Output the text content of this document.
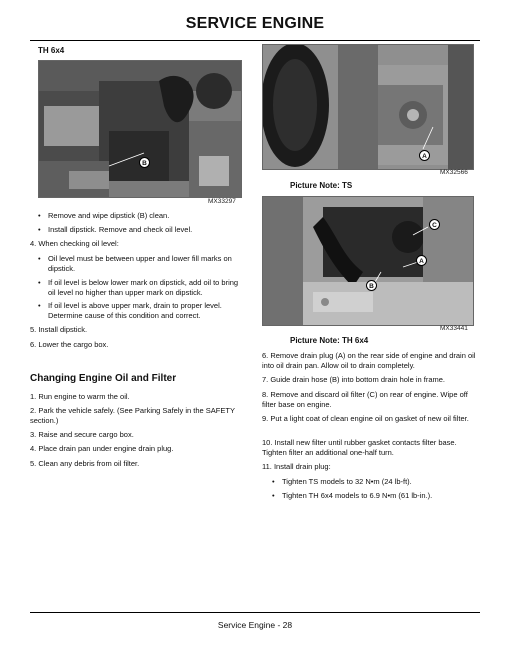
SERVICE ENGINE
TH 6x4
B
MX33297
• Remove and wipe dipstick (B) clean.
• Install dipstick. Remove and check oil level.
4. When checking oil level:
• Oil level must be between upper and lower fill marks on dipstick.
• If oil level is below lower mark on dipstick, add oil to bring oil level no higher than upper mark on dipstick.
• If oil level is above upper mark, drain to proper level. Determine cause of this condition and correct.
5. Install dipstick.
6. Lower the cargo box.
Changing Engine Oil and Filter
1. Run engine to warm the oil.
2. Park the vehicle safely. (See Parking Safely in the SAFETY section.)
3. Raise and secure cargo box.
4. Place drain pan under engine drain plug.
5. Clean any debris from oil filter.
A
MX32566
Picture Note: TS
C
A
B
MX33441
Picture Note: TH 6x4
6. Remove drain plug (A) on the rear side of engine and drain oil into oil drain pan. Allow oil to drain completely.
7. Guide drain hose (B) into bottom drain hole in frame.
8. Remove and discard oil filter (C) on rear of engine. Wipe off filter base on engine.
9. Put a light coat of clean engine oil on gasket of new oil filter.
10. Install new filter until rubber gasket contacts filter base. Tighten filter an additional one-half turn.
11. Install drain plug:
• Tighten TS models to 32 N•m (24 lb-ft).
• Tighten TH 6x4 models to 6.9 N•m (61 lb-in.).
Service Engine - 28
